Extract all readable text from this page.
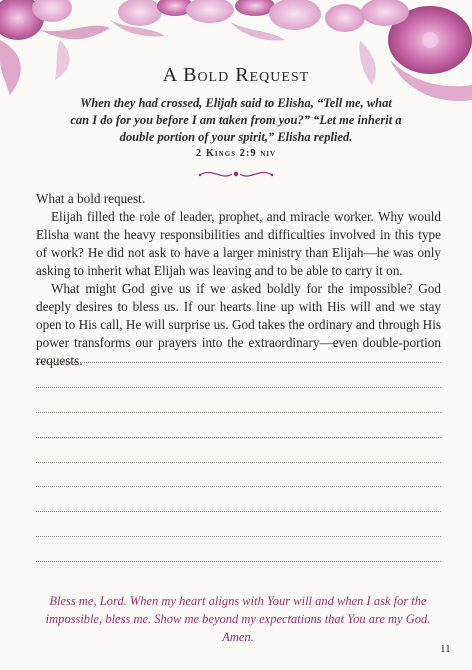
A Bold Request
When they had crossed, Elijah said to Elisha, “Tell me, what can I do for you before I am taken from you?” “Let me inherit a double portion of your spirit,” Elisha replied.
2 Kings 2:9 niv

What a bold request.

Elijah filled the role of leader, prophet, and miracle worker. Why would Elisha want the heavy responsibilities and difficulties involved in this type of work? He did not ask to have a larger ministry than Elijah—he was only asking to inherit what Elijah was leaving and to be able to carry it on.

What might God give us if we asked boldly for the impossible? God deeply desires to bless us. If our hearts line up with His will and we stay open to His call, He will surprise us. God takes the ordinary and through His power transforms our prayers into the extraordinary—even double-portion requests.

Bless me, Lord. When my heart aligns with Your will and when I ask for the impossible, bless me. Show me beyond my expectations that You are my God. Amen.
11
